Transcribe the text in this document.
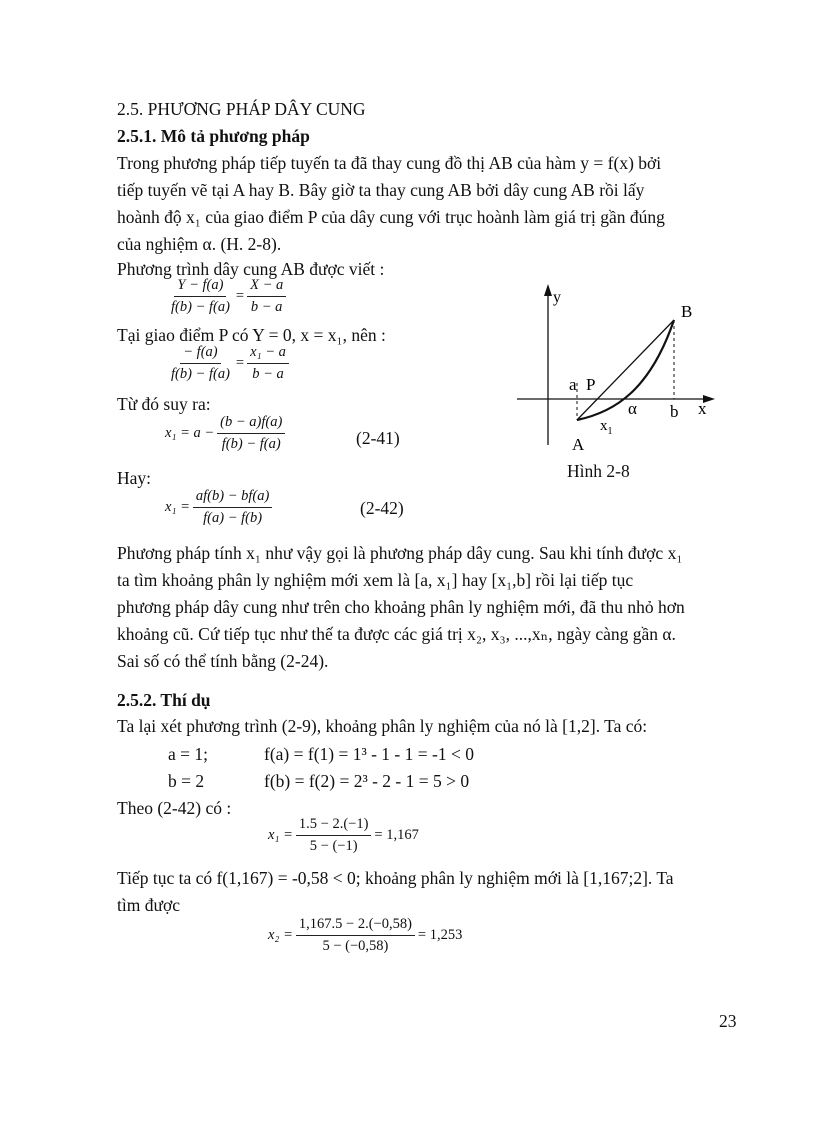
2.5. PHƯƠNG PHÁP DÂY CUNG
2.5.1. Mô tả phương pháp
Trong phương pháp tiếp tuyến ta đã thay cung đồ thị AB của hàm y = f(x) bởi
tiếp tuyến vẽ tại A hay B. Bây giờ ta thay cung AB bởi dây cung AB rồi lấy
hoành độ x₁ của giao điểm P của dây cung với trục hoành làm giá trị gần đúng
của nghiệm α. (H. 2-8).
Phương trình dây cung AB được viết :
$\frac{Y - f(a)}{f(b) - f(a)} = \frac{X - a}{b - a}$
Tại giao điểm P có Y = 0, x = x₁, nên :
$\frac{- f(a)}{f(b) - f(a)} = \frac{\text{x₁ − a}}{b - a}$
Từ đó suy ra:
$x_1 = a - \frac{(b - a)f(a)}{f(b) - f(a)}$	(2-41)
Hay:
$x_1 = \frac{af(b) - bf(a)}{f(a) - f(b)}$	(2-42)
y
B
A
a P
α b x
$x_1$
Hình 2-8
Phương pháp tính x₁ như vậy gọi là phương pháp dây cung. Sau khi tính được x₁
ta tìm khoảng phân ly nghiệm mới xem là [a, x₁] hay [x₁,b] rồi lại tiếp tục
phương pháp dây cung như trên cho khoảng phân ly nghiệm mới, đã thu nhỏ hơn
khoảng cũ. Cứ tiếp tục như thế ta được các giá trị x₂, x₃, ...,xₙ, ngày càng gần α.
Sai số có thể tính bằng (2-24).
2.5.2. Thí dụ
Ta lại xét phương trình (2-9), khoảng phân ly nghiệm của nó là [1,2]. Ta có:
a = 1;	f(a) = f(1) = 1³ - 1 - 1 = -1 < 0
b = 2	f(b) = f(2) = 2³ - 2 - 1 = 5 > 0
Theo (2-42) có :
$x_1 = \frac{1.5 - 2.(-1)}{5 - (-1)} = 1,167$
Tiếp tục ta có f(1,167) = -0,58 < 0; khoảng phân ly nghiệm mới là [1,167;2]. Ta
tìm được
$x_2 = \frac{1,167.5 - 2.(-0,58)}{5 - (-0,58)} = 1,253$
23
